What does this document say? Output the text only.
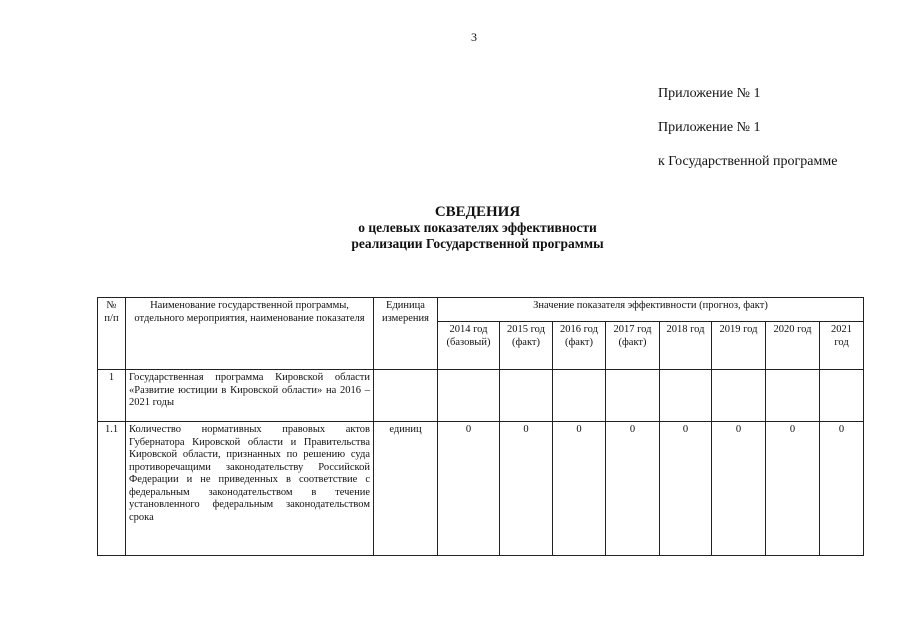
3
Приложение № 1
Приложение № 1
к Государственной программе
СВЕДЕНИЯ
о целевых показателях эффективности
реализации Государственной программы
№ п/п	Наименование государственной программы, отдельного мероприятия, наименование показателя	Единица измерения	Значение показателя эффективности (прогноз, факт)							
			2014 год (базовый)	2015 год (факт)	2016 год (факт)	2017 год (факт)	2018 год	2019 год	2020 год	2021 год
1	Государственная программа Кировской области «Развитие юстиции в Кировской области» на 2016 – 2021 годы									
1.1	Количество нормативных правовых актов Губернатора Кировской области и Правительства Кировской области, признанных по решению суда противоречащими законодательству Российской Федерации и не приведенных в соответствие с федеральным законодательством в течение установленного федеральным законодательством срока	единиц	0	0	0	0	0	0	0	0
